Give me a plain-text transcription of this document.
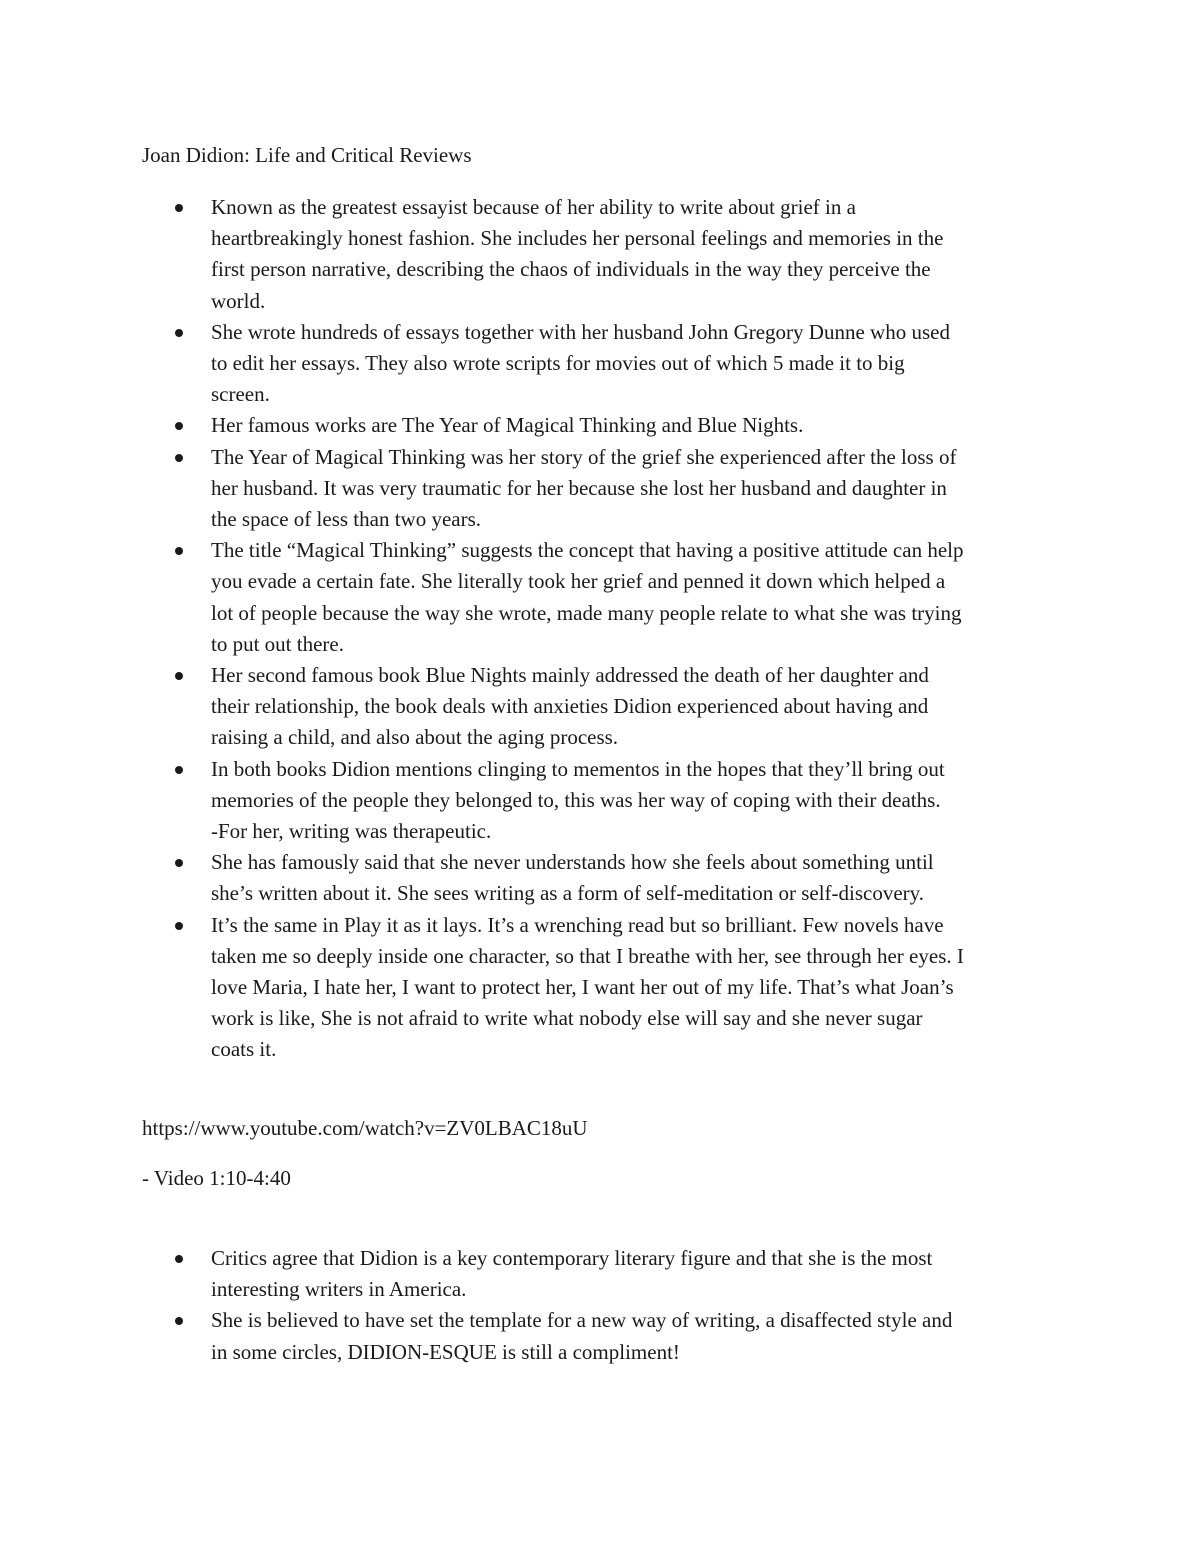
Joan Didion: Life and Critical Reviews
Known as the greatest essayist because of her ability to write about grief in a
heartbreakingly honest fashion. She includes her personal feelings and memories in the
first person narrative, describing the chaos of individuals in the way they perceive the
world.
She wrote hundreds of essays together with her husband John Gregory Dunne who used
to edit her essays. They also wrote scripts for movies out of which 5 made it to big
screen.
Her famous works are The Year of Magical Thinking and Blue Nights.
The Year of Magical Thinking was her story of the grief she experienced after the loss of
her husband. It was very traumatic for her because she lost her husband and daughter in
the space of less than two years.
The title “Magical Thinking” suggests the concept that having a positive attitude can help
you evade a certain fate. She literally took her grief and penned it down which helped a
lot of people because the way she wrote, made many people relate to what she was trying
to put out there.
Her second famous book Blue Nights mainly addressed the death of her daughter and
their relationship, the book deals with anxieties Didion experienced about having and
raising a child, and also about the aging process.
In both books Didion mentions clinging to mementos in the hopes that they’ll bring out
memories of the people they belonged to, this was her way of coping with their deaths.
-For her, writing was therapeutic.
She has famously said that she never understands how she feels about something until
she’s written about it. She sees writing as a form of self-meditation or self-discovery.
It’s the same in Play it as it lays. It’s a wrenching read but so brilliant. Few novels have
taken me so deeply inside one character, so that I breathe with her, see through her eyes. I
love Maria, I hate her, I want to protect her, I want her out of my life. That’s what Joan’s
work is like, She is not afraid to write what nobody else will say and she never sugar
coats it.

https://www.youtube.com/watch?v=ZV0LBAC18uU

- Video 1:10-4:40

Critics agree that Didion is a key contemporary literary figure and that she is the most
interesting writers in America.
She is believed to have set the template for a new way of writing, a disaffected style and
in some circles, DIDION-ESQUE is still a compliment!
